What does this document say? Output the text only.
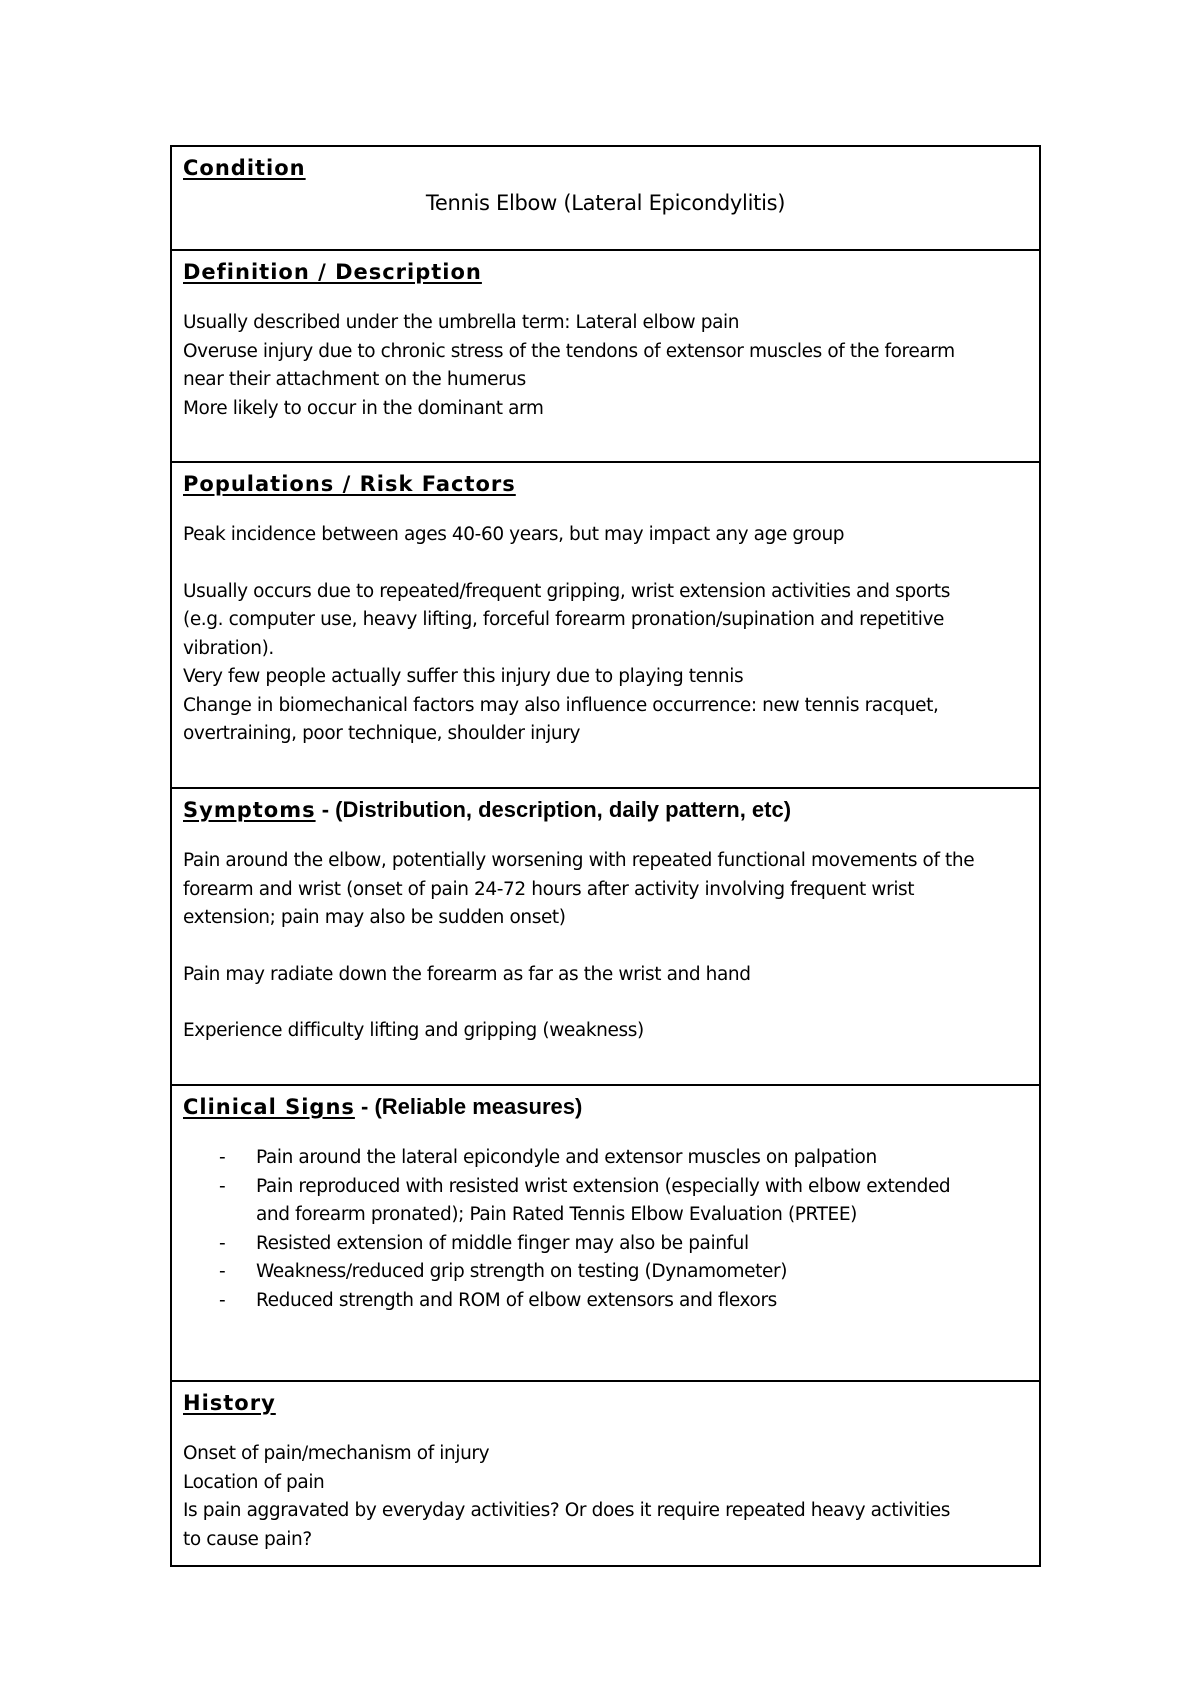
Condition
Tennis Elbow (Lateral Epicondylitis)
Definition / Description
Usually described under the umbrella term: Lateral elbow pain
Overuse injury due to chronic stress of the tendons of extensor muscles of the forearm
near their attachment on the humerus
More likely to occur in the dominant arm
Populations / Risk Factors
Peak incidence between ages 40-60 years, but may impact any age group
Usually occurs due to repeated/frequent gripping, wrist extension activities and sports
(e.g. computer use, heavy lifting, forceful forearm pronation/supination and repetitive
vibration).
Very few people actually suffer this injury due to playing tennis
Change in biomechanical factors may also influence occurrence: new tennis racquet,
overtraining, poor technique, shoulder injury
Symptoms - (Distribution, description, daily pattern, etc)
Pain around the elbow, potentially worsening with repeated functional movements of the
forearm and wrist (onset of pain 24-72 hours after activity involving frequent wrist
extension; pain may also be sudden onset)
Pain may radiate down the forearm as far as the wrist and hand
Experience difficulty lifting and gripping (weakness)
Clinical Signs - (Reliable measures)
- Pain around the lateral epicondyle and extensor muscles on palpation
- Pain reproduced with resisted wrist extension (especially with elbow extended
and forearm pronated); Pain Rated Tennis Elbow Evaluation (PRTEE)
- Resisted extension of middle finger may also be painful
- Weakness/reduced grip strength on testing (Dynamometer)
- Reduced strength and ROM of elbow extensors and flexors
History
Onset of pain/mechanism of injury
Location of pain
Is pain aggravated by everyday activities? Or does it require repeated heavy activities
to cause pain?
